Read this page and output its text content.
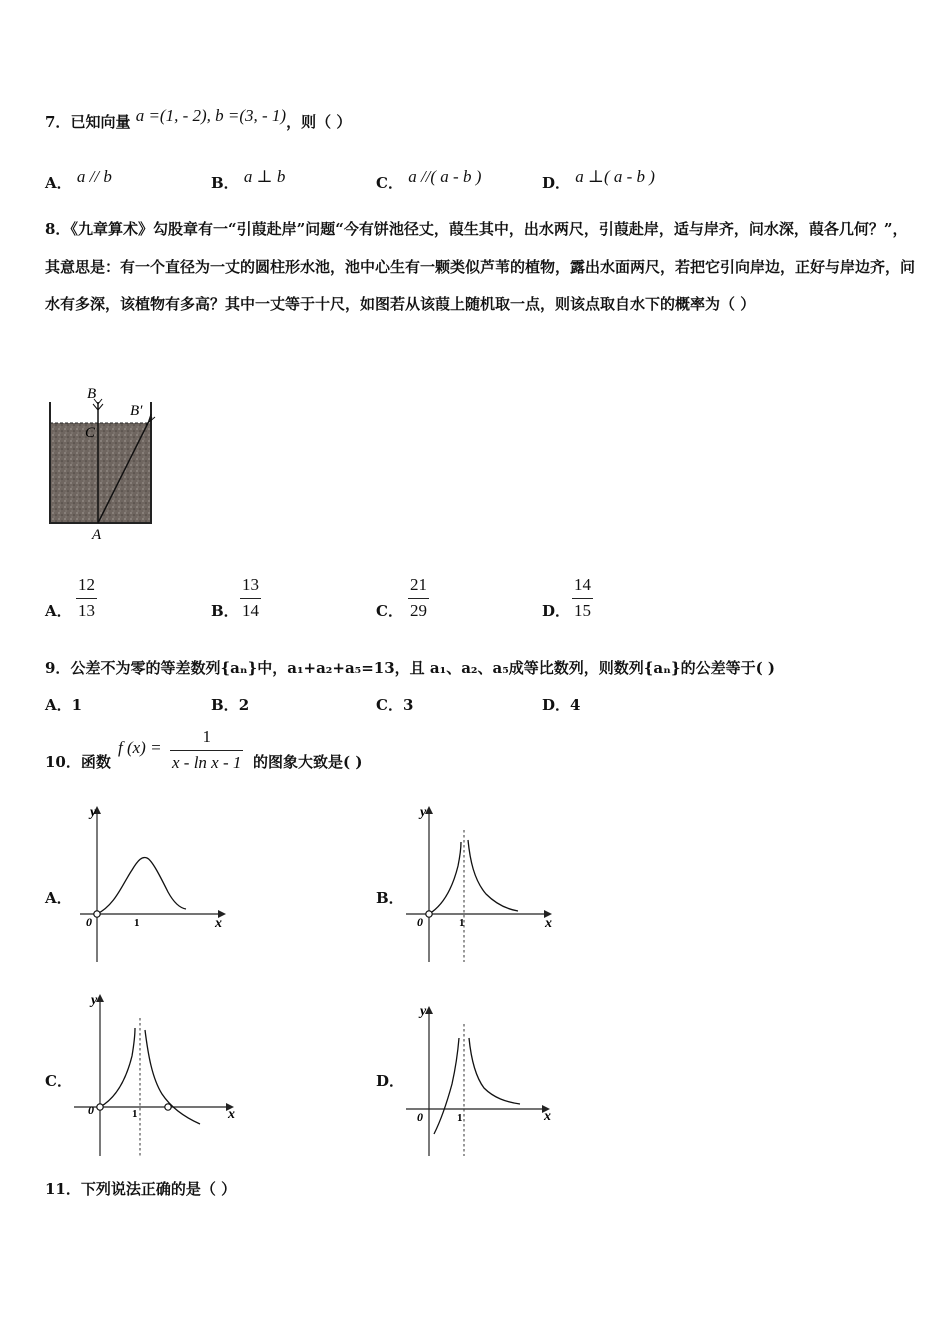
7．已知向量 a =(1, - 2), b =(3, - 1)，则（ ）
A． a // b	B． a ⊥ b	C． a //( a - b )	D． a ⊥( a - b )
8．《九章算术》勾股章有一“引葭赴岸”问题“今有饼池径丈，葭生其中，出水两尺，引葭赴岸，适与岸齐，问水深，葭各几何？”，其意思是：有一个直径为一丈的圆柱形水池，池中心生有一颗类似芦苇的植物，露出水面两尺，若把它引向岸边，正好与岸边齐，问水有多深，该植物有多高？其中一丈等于十尺，如图若从该葭上随机取一点，则该点取自水下的概率为（ ）
B
B′
C
A
A．
12
13	B．
13
14	C．
21
29	D．
14
15
9．公差不为零的等差数列{aₙ}中，a₁+a₂+a₅=13，且 a₁、a₂、a₅成等比数列，则数列{aₙ}的公差等于( )
A．1	B．2	C．3	D．4
10．函数
f (x) =
1
x - ln x - 1 的图象大致是( )
A．
y
x
0	1
B．
y
x
0	1
C．
y
x
0	1
D．
y
x
0	1
11．下列说法正确的是（ ）
